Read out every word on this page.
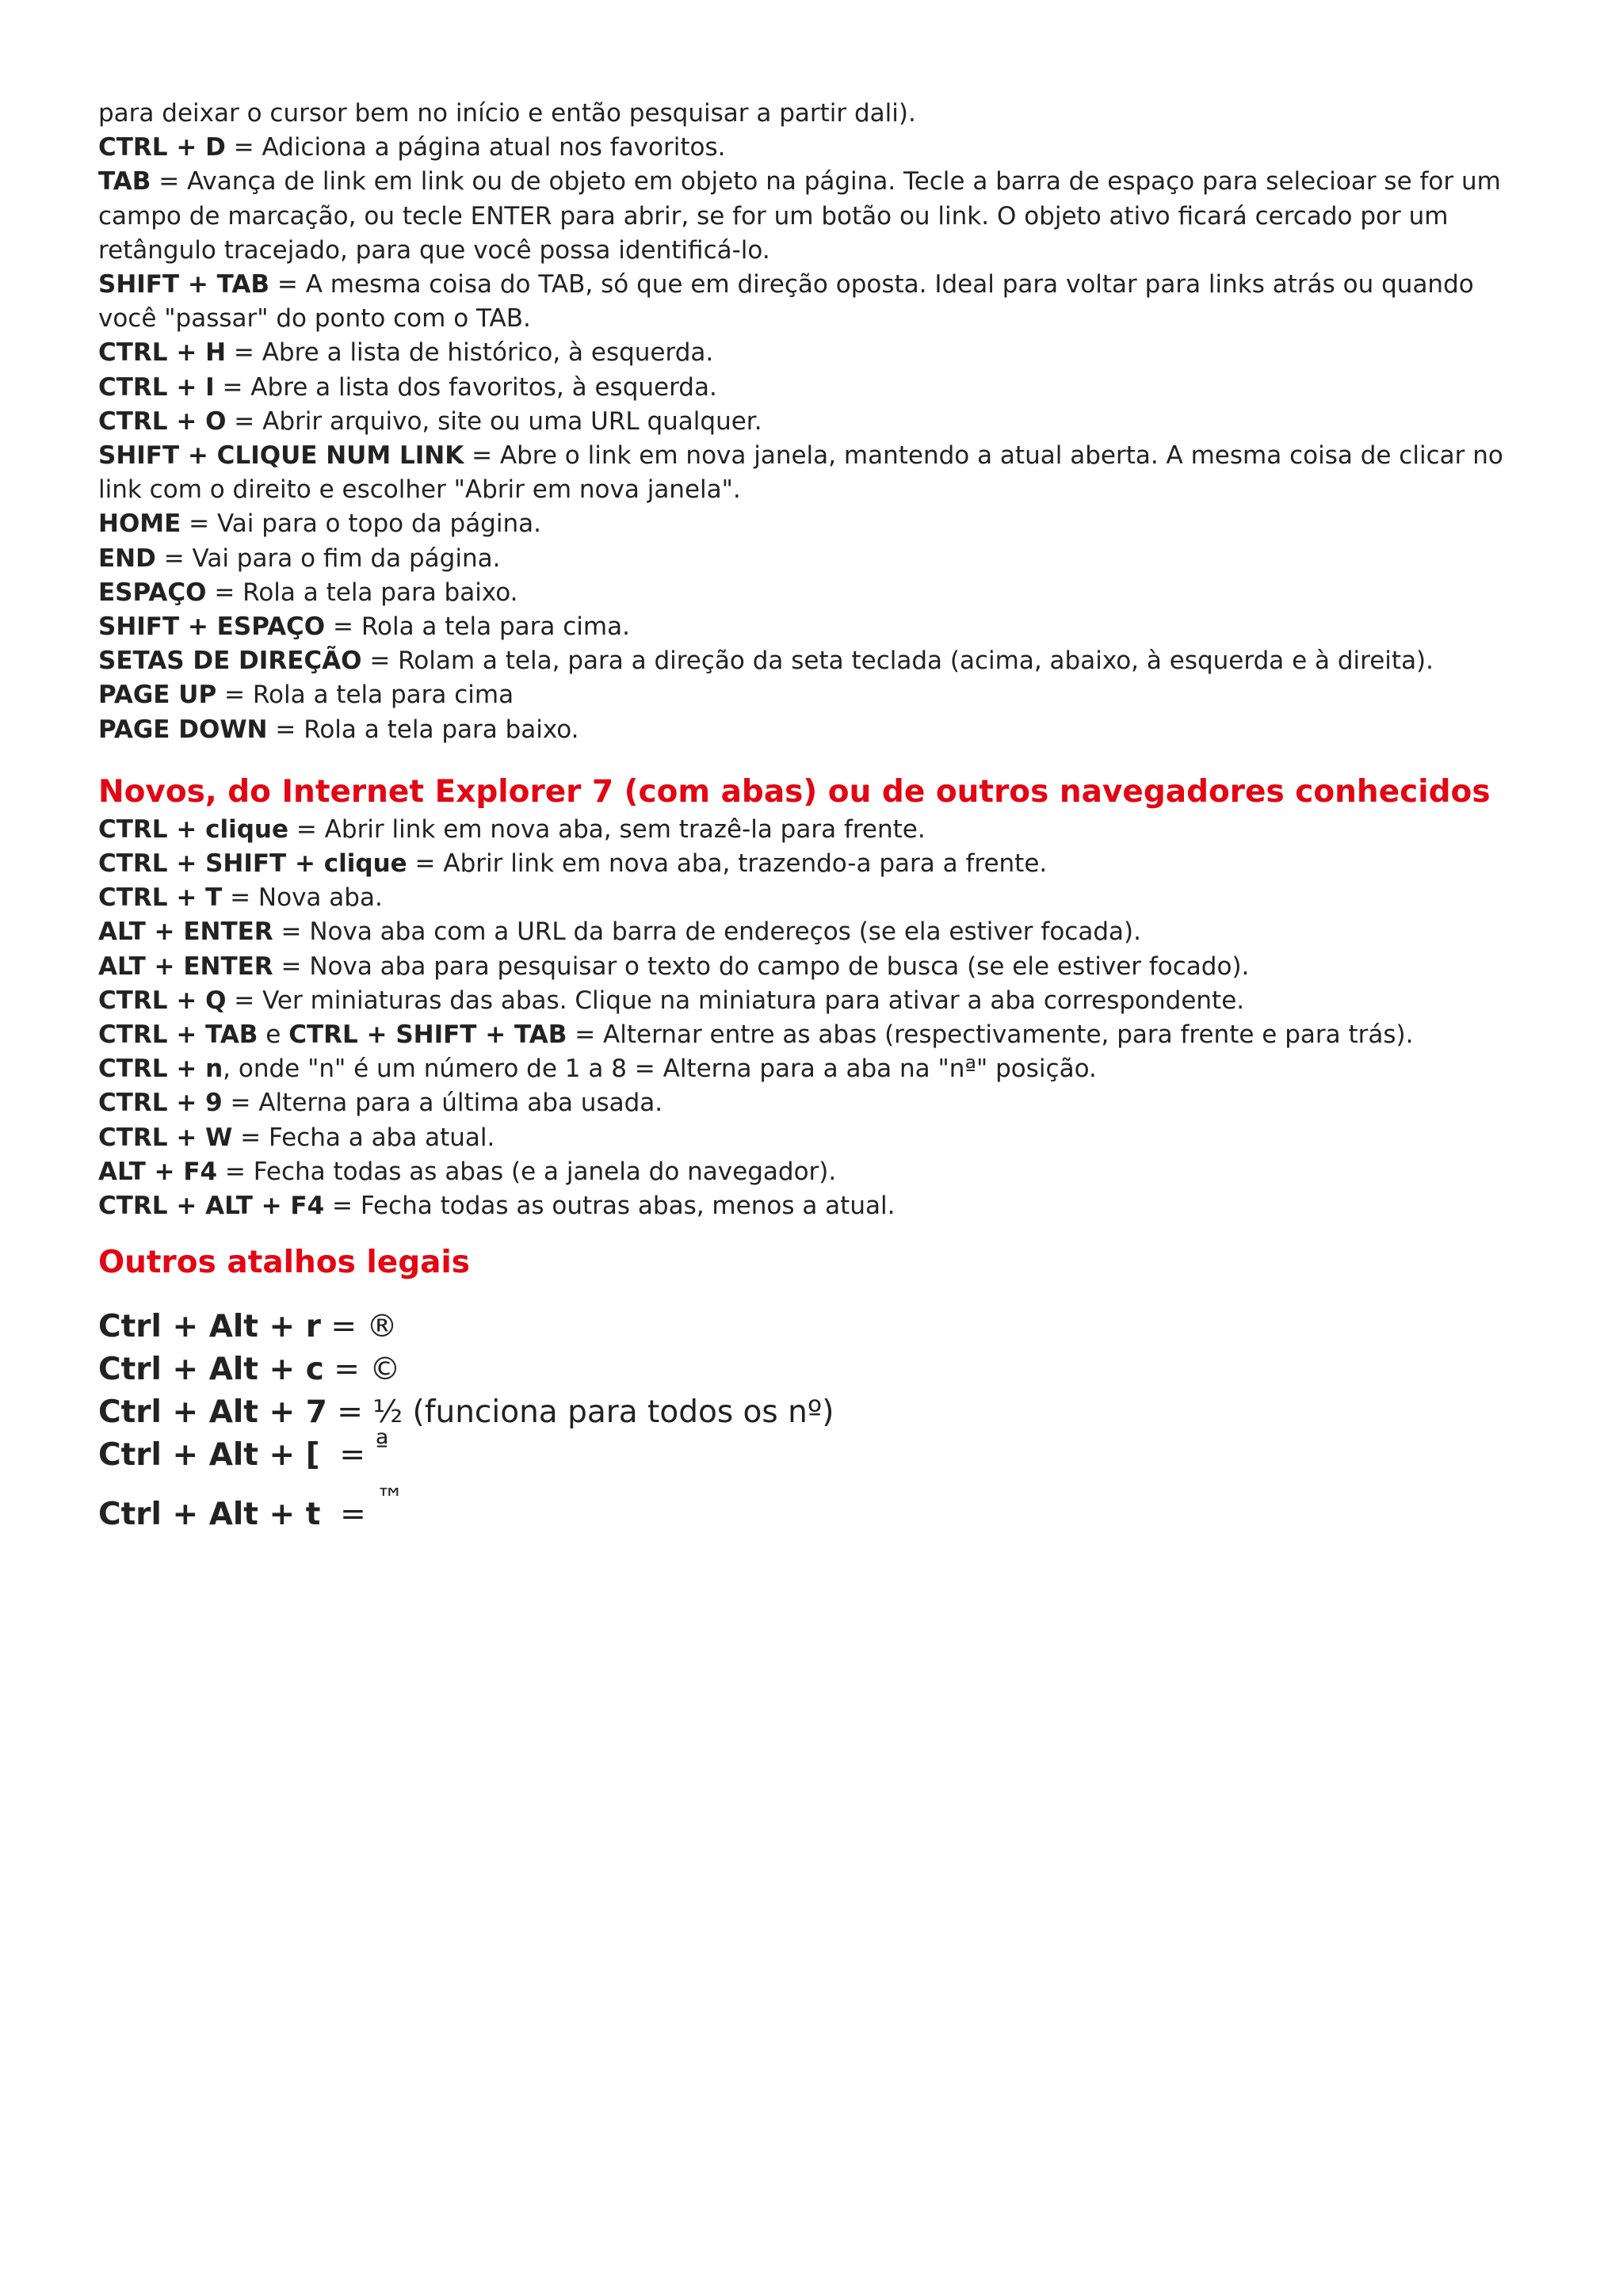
para deixar o cursor bem no início e então pesquisar a partir dali).

CTRL + D = Adiciona a página atual nos favoritos.

TAB = Avança de link em link ou de objeto em objeto na página. Tecle a barra de espaço para selecioar se for um

campo de marcação, ou tecle ENTER para abrir, se for um botão ou link. O objeto ativo ficará cercado por um

retângulo tracejado, para que você possa identificá-lo.

SHIFT + TAB = A mesma coisa do TAB, só que em direção oposta. Ideal para voltar para links atrás ou quando

você "passar" do ponto com o TAB.

CTRL + H = Abre a lista de histórico, à esquerda.

CTRL + I = Abre a lista dos favoritos, à esquerda.

CTRL + O = Abrir arquivo, site ou uma URL qualquer.

SHIFT + CLIQUE NUM LINK = Abre o link em nova janela, mantendo a atual aberta. A mesma coisa de clicar no

link com o direito e escolher "Abrir em nova janela".

HOME = Vai para o topo da página.

END = Vai para o fim da página.

ESPAÇO = Rola a tela para baixo.

SHIFT + ESPAÇO = Rola a tela para cima.

SETAS DE DIREÇÃO = Rolam a tela, para a direção da seta teclada (acima, abaixo, à esquerda e à direita).

PAGE UP = Rola a tela para cima

PAGE DOWN = Rola a tela para baixo.

Novos, do Internet Explorer 7 (com abas) ou de outros navegadores conhecidos

CTRL + clique = Abrir link em nova aba, sem trazê-la para frente.

CTRL + SHIFT + clique = Abrir link em nova aba, trazendo-a para a frente.

CTRL + T = Nova aba.

ALT + ENTER = Nova aba com a URL da barra de endereços (se ela estiver focada).

ALT + ENTER = Nova aba para pesquisar o texto do campo de busca (se ele estiver focado).

CTRL + Q = Ver miniaturas das abas. Clique na miniatura para ativar a aba correspondente.

CTRL + TAB e CTRL + SHIFT + TAB = Alternar entre as abas (respectivamente, para frente e para trás).

CTRL + n, onde "n" é um número de 1 a 8 = Alterna para a aba na "nª" posição.

CTRL + 9 = Alterna para a última aba usada.

CTRL + W = Fecha a aba atual.

ALT + F4 = Fecha todas as abas (e a janela do navegador).

CTRL + ALT + F4 = Fecha todas as outras abas, menos a atual.

Outros atalhos legais

Ctrl + Alt + r = ®

Ctrl + Alt + c = ©

Ctrl + Alt + 7 = ½ (funciona para todos os nº)

Ctrl + Alt + [  = ª

Ctrl + Alt + t  = ™
